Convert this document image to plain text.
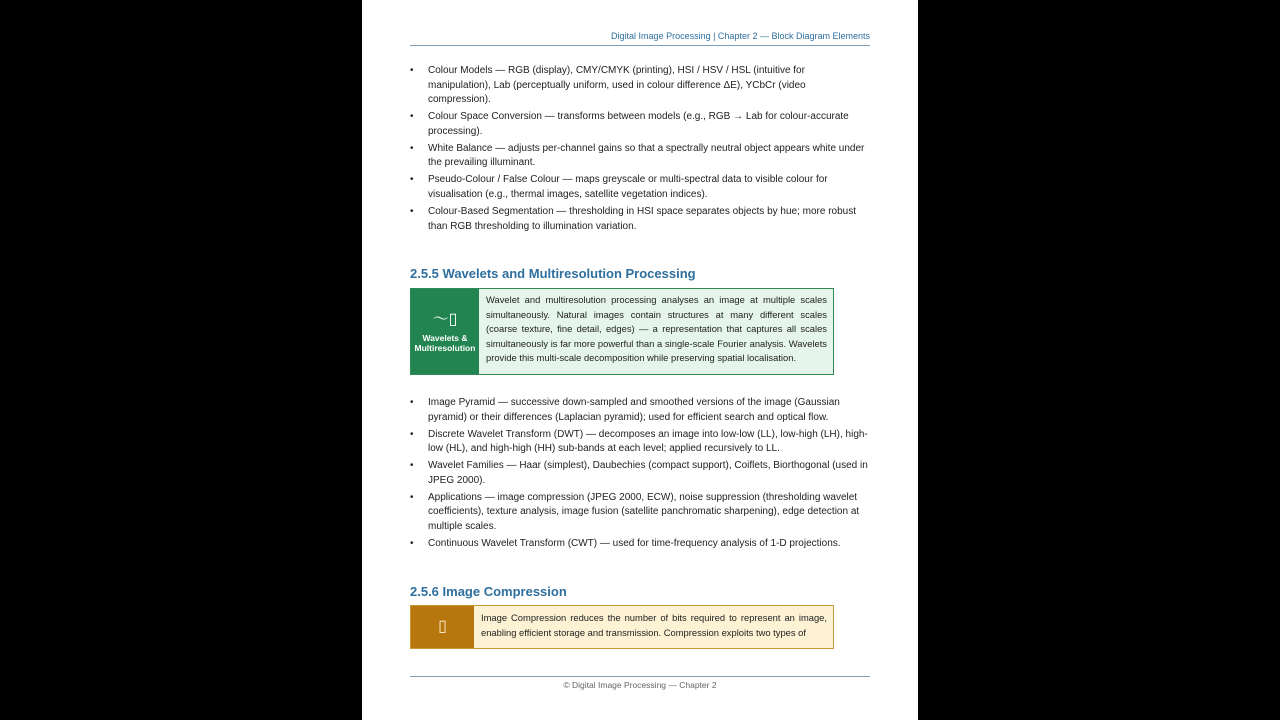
Digital Image Processing | Chapter 2 — Block Diagram Elements
• Colour Models — RGB (display), CMY/CMYK (printing), HSI / HSV / HSL (intuitive for manipulation), Lab (perceptually uniform, used in colour difference ΔE), YCbCr (video compression).
• Colour Space Conversion — transforms between models (e.g., RGB → Lab for colour-accurate processing).
• White Balance — adjusts per-channel gains so that a spectrally neutral object appears white under the prevailing illuminant.
• Pseudo-Colour / False Colour — maps greyscale or multi-spectral data to visible colour for visualisation (e.g., thermal images, satellite vegetation indices).
• Colour-Based Segmentation — thresholding in HSI space separates objects by hue; more robust than RGB thresholding to illumination variation.
2.5.5 Wavelets and Multiresolution Processing
〜▯
Wavelets & Multiresolution
Wavelet and multiresolution processing analyses an image at multiple scales simultaneously. Natural images contain structures at many different scales (coarse texture, fine detail, edges) — a representation that captures all scales simultaneously is far more powerful than a single-scale Fourier analysis. Wavelets provide this multi-scale decomposition while preserving spatial localisation.
• Image Pyramid — successive down-sampled and smoothed versions of the image (Gaussian pyramid) or their differences (Laplacian pyramid); used for efficient search and optical flow.
• Discrete Wavelet Transform (DWT) — decomposes an image into low-low (LL), low-high (LH), high-low (HL), and high-high (HH) sub-bands at each level; applied recursively to LL.
• Wavelet Families — Haar (simplest), Daubechies (compact support), Coiflets, Biorthogonal (used in JPEG 2000).
• Applications — image compression (JPEG 2000, ECW), noise suppression (thresholding wavelet coefficients), texture analysis, image fusion (satellite panchromatic sharpening), edge detection at multiple scales.
• Continuous Wavelet Transform (CWT) — used for time-frequency analysis of 1-D projections.
2.5.6 Image Compression
▯
Image Compression reduces the number of bits required to represent an image, enabling efficient storage and transmission. Compression exploits two types of
© Digital Image Processing — Chapter 2
